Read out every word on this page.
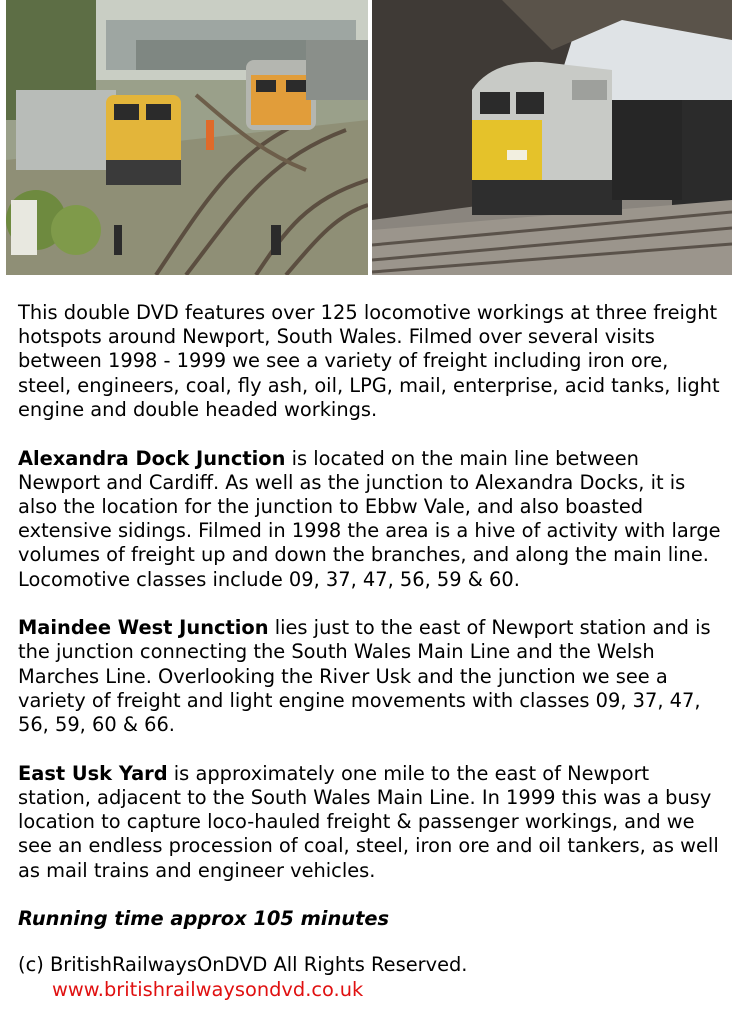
This double DVD features over 125 locomotive workings at three freight hotspots around Newport, South Wales. Filmed over several visits between 1998 - 1999 we see a variety of freight including iron ore, steel, engineers, coal, fly ash, oil, LPG, mail, enterprise, acid tanks, light engine and double headed workings.

Alexandra Dock Junction is located on the main line between Newport and Cardiff. As well as the junction to Alexandra Docks, it is also the location for the junction to Ebbw Vale, and also boasted extensive sidings. Filmed in 1998 the area is a hive of activity with large volumes of freight up and down the branches, and along the main line. Locomotive classes include 09, 37, 47, 56, 59 & 60.

Maindee West Junction lies just to the east of Newport station and is the junction connecting the South Wales Main Line and the Welsh Marches Line. Overlooking the River Usk and the junction we see a variety of freight and light engine movements with classes 09, 37, 47, 56, 59, 60 & 66.

East Usk Yard is approximately one mile to the east of Newport station, adjacent to the South Wales Main Line. In 1999 this was a busy location to capture loco-hauled freight & passenger workings, and we see an endless procession of coal, steel, iron ore and oil tankers, as well as mail trains and engineer vehicles.

Running time approx 105 minutes
(c) BritishRailwaysOnDVD All Rights Reserved.
www.britishrailwaysondvd.co.uk
